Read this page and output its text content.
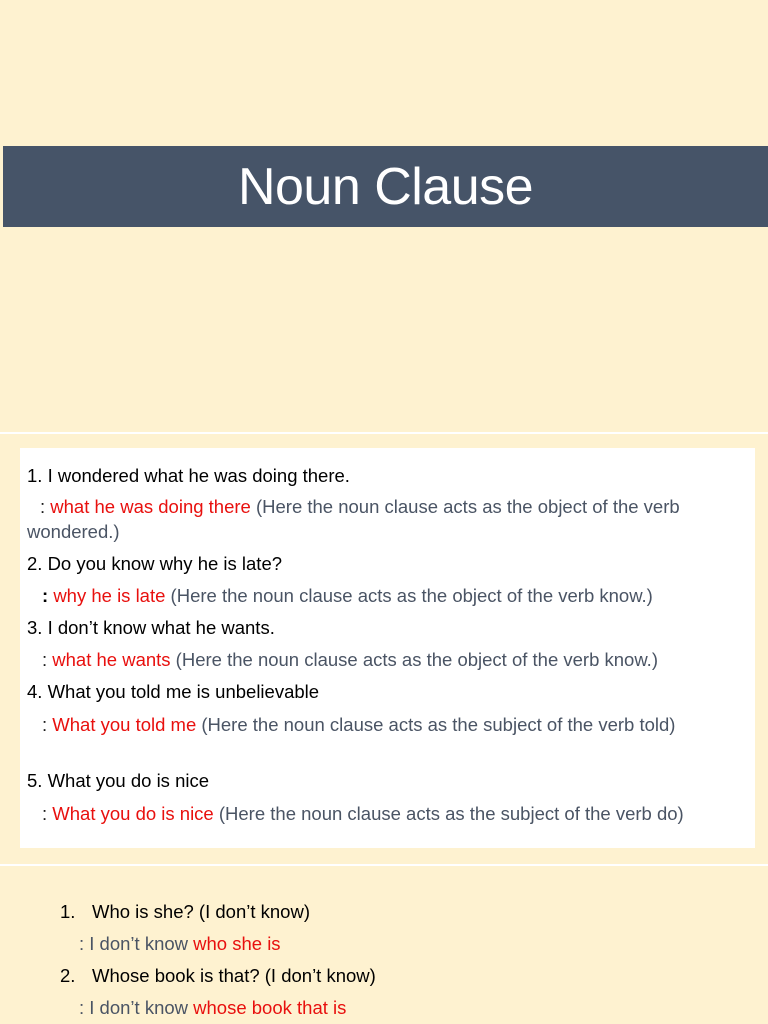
Noun Clause
1. I wondered what he was doing there.
: what he was doing there (Here the noun clause acts as the object of the verb wondered.)
2. Do you know why he is late?
: why he is late (Here the noun clause acts as the object of the verb know.)
3. I don’t know what he wants.
: what he wants (Here the noun clause acts as the object of the verb know.)
4. What you told me is unbelievable
: What you told me (Here the noun clause acts as the subject of the verb told)
5. What you do is nice
: What you do is nice (Here the noun clause acts as the subject of the verb do)
1. Who is she? (I don’t know)
: I don’t know who she is
2. Whose book is that? (I don’t know)
: I don’t know whose book that is
